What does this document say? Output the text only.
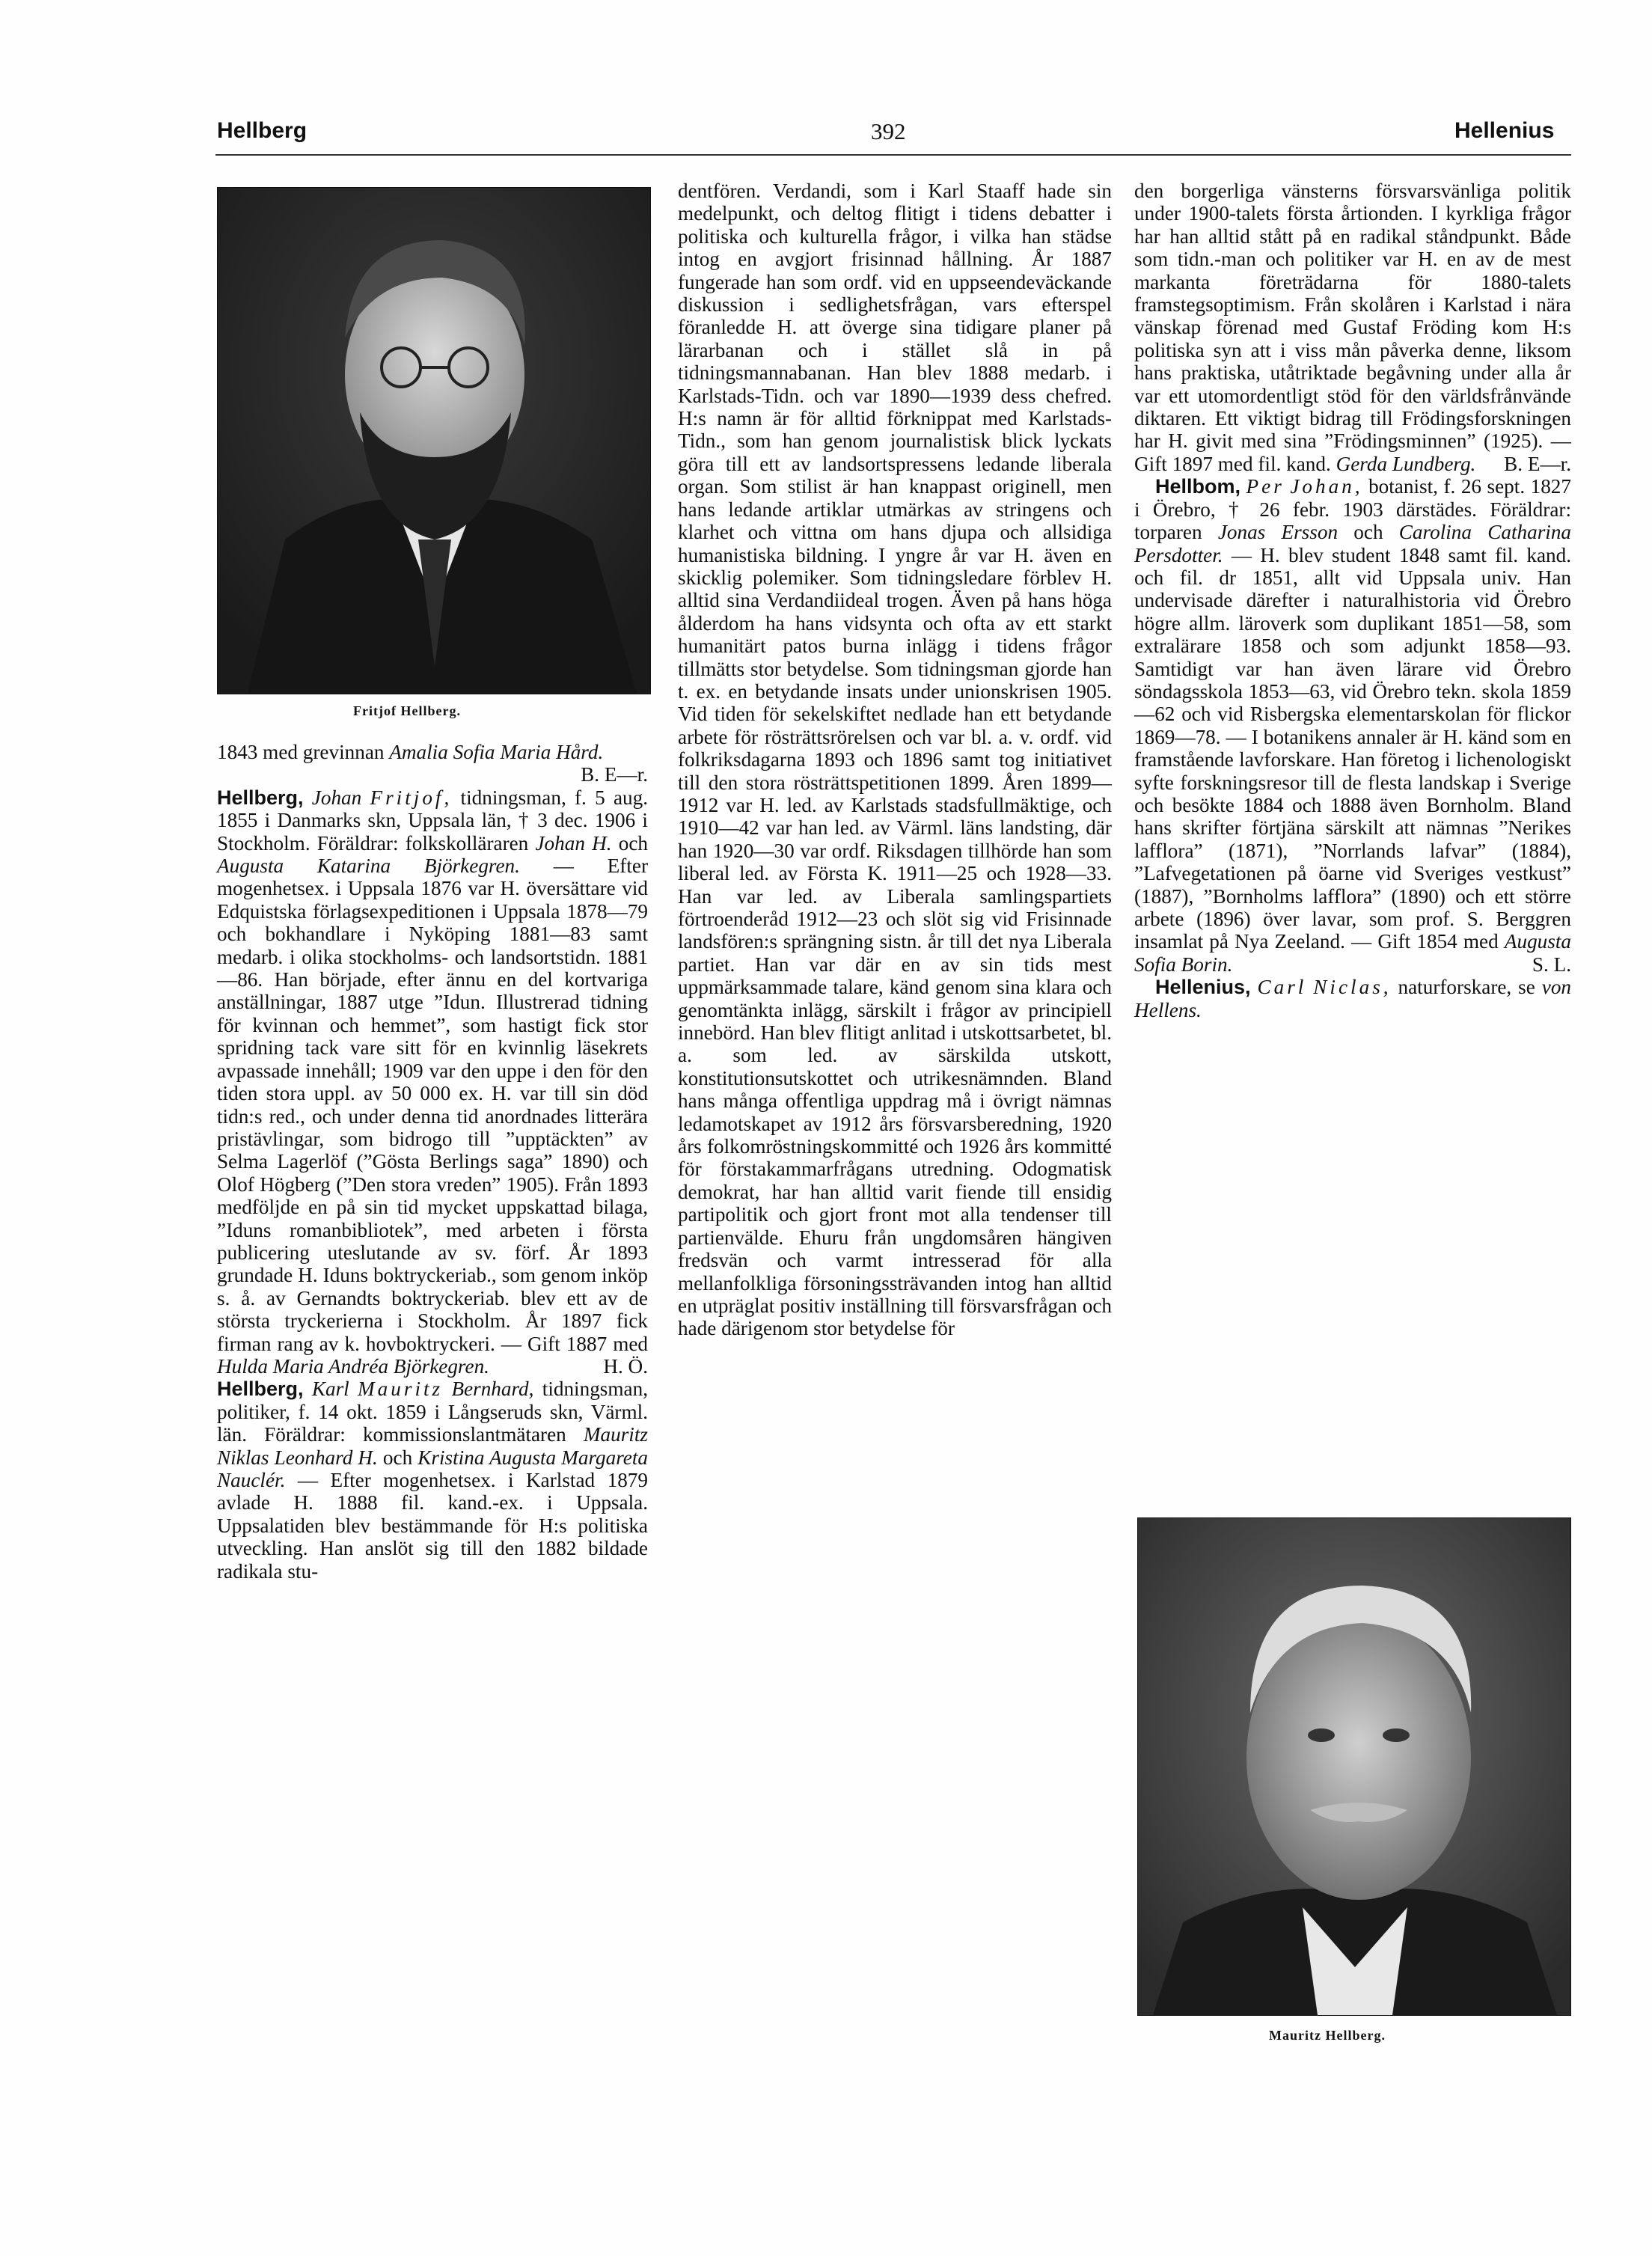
Hellberg	392	Hellenius
Fritjof Hellberg.

1843 med grevinnan Amalia Sofia Maria Hård.
B. E—r.

Hellberg, Johan Fritjof, tidningsman, f. 5 aug. 1855 i Danmarks skn, Uppsala län, † 3 dec. 1906 i Stockholm. Föräldrar: folkskolläraren Johan H. och Augusta Katarina Björkegren. — Efter mogenhetsex. i Uppsala 1876 var H. översättare vid Edquistska förlagsexpeditionen i Uppsala 1878—79 och bokhandlare i Nyköping 1881—83 samt medarb. i olika stockholms- och landsortstidn. 1881—86. Han började, efter ännu en del kortvariga anställningar, 1887 utge ”Idun. Illustrerad tidning för kvinnan och hemmet”, som hastigt fick stor spridning tack vare sitt för en kvinnlig läsekrets avpassade innehåll; 1909 var den uppe i den för den tiden stora uppl. av 50 000 ex. H. var till sin död tidn:s red., och under denna tid anordnades litterära pristävlingar, som bidrogo till ”upptäckten” av Selma Lagerlöf (”Gösta Berlings saga” 1890) och Olof Högberg (”Den stora vreden” 1905). Från 1893 medföljde en på sin tid mycket uppskattad bilaga, ”Iduns romanbibliotek”, med arbeten i första publicering uteslutande av sv. förf. År 1893 grundade H. Iduns boktryckeriab., som genom inköp s. å. av Gernandts boktryckeriab. blev ett av de största tryckerierna i Stockholm. År 1897 fick firman rang av k. hovboktryckeri. — Gift 1887 med Hulda Maria Andréa Björkegren.	H. Ö.

Hellberg, Karl Mauritz Bernhard, tidningsman, politiker, f. 14 okt. 1859 i Långseruds skn, Värml. län. Föräldrar: kommissionslantmätaren Mauritz Niklas Leonhard H. och Kristina Augusta Margareta Nauclér. — Efter mogenhetsex. i Karlstad 1879 avlade H. 1888 fil. kand.-ex. i Uppsala. Uppsalatiden blev bestämmande för H:s politiska utveckling. Han anslöt sig till den 1882 bildade radikala stu-

dentfören. Verdandi, som i Karl Staaff hade sin medelpunkt, och deltog flitigt i tidens debatter i politiska och kulturella frågor, i vilka han städse intog en avgjort frisinnad hållning. År 1887 fungerade han som ordf. vid en uppseendeväckande diskussion i sedlighetsfrågan, vars efterspel föranledde H. att överge sina tidigare planer på lärarbanan och i stället slå in på tidningsmannabanan. Han blev 1888 medarb. i Karlstads-Tidn. och var 1890—1939 dess chefred. H:s namn är för alltid förknippat med Karlstads-Tidn., som han genom journalistisk blick lyckats göra till ett av landsortspressens ledande liberala organ. Som stilist är han knappast originell, men hans ledande artiklar utmärkas av stringens och klarhet och vittna om hans djupa och allsidiga humanistiska bildning. I yngre år var H. även en skicklig polemiker. Som tidningsledare förblev H. alltid sina Verdandiideal trogen. Även på hans höga ålderdom ha hans vidsynta och ofta av ett starkt humanitärt patos burna inlägg i tidens frågor tillmätts stor betydelse. Som tidningsman gjorde han t. ex. en betydande insats under unionskrisen 1905. Vid tiden för sekelskiftet nedlade han ett betydande arbete för rösträttsrörelsen och var bl. a. v. ordf. vid folkriksdagarna 1893 och 1896 samt tog initiativet till den stora rösträttspetitionen 1899. Åren 1899—1912 var H. led. av Karlstads stadsfullmäktige, och 1910—42 var han led. av Värml. läns landsting, där han 1920—30 var ordf. Riksdagen tillhörde han som liberal led. av Första K. 1911—25 och 1928—33. Han var led. av Liberala samlingspartiets förtroenderåd 1912—23 och slöt sig vid Frisinnade landsfören:s sprängning sistn. år till det nya Liberala partiet. Han var där en av sin tids mest uppmärksammade talare, känd genom sina klara och genomtänkta inlägg, särskilt i frågor av principiell innebörd. Han blev flitigt anlitad i utskottsarbetet, bl. a. som led. av särskilda utskott, konstitutionsutskottet och utrikesnämnden. Bland hans många offentliga uppdrag må i övrigt nämnas ledamotskapet av 1912 års försvarsberedning, 1920 års folkomröstningskommitté och 1926 års kommitté för förstakammarfrågans utredning. Odogmatisk demokrat, har han alltid varit fiende till ensidig partipolitik och gjort front mot alla tendenser till partienvälde. Ehuru från ungdomsåren hängiven fredsvän och varmt intresserad för alla mellanfolkliga försoningssträvanden intog han alltid en utpräglat positiv inställning till försvarsfrågan och hade därigenom stor betydelse för

den borgerliga vänsterns försvarsvänliga politik under 1900-talets första årtionden. I kyrkliga frågor har han alltid stått på en radikal ståndpunkt. Både som tidn.-man och politiker var H. en av de mest markanta företrädarna för 1880-talets framstegsoptimism. Från skolåren i Karlstad i nära vänskap förenad med Gustaf Fröding kom H:s politiska syn att i viss mån påverka denne, liksom hans praktiska, utåtriktade begåvning under alla år var ett utomordentligt stöd för den världsfrånvände diktaren. Ett viktigt bidrag till Frödingsforskningen har H. givit med sina ”Frödingsminnen” (1925). — Gift 1897 med fil. kand. Gerda Lundberg. B. E—r.

Hellbom, Per Johan, botanist, f. 26 sept. 1827 i Örebro, † 26 febr. 1903 därstädes. Föräldrar: torparen Jonas Ersson och Carolina Catharina Persdotter. — H. blev student 1848 samt fil. kand. och fil. dr 1851, allt vid Uppsala univ. Han undervisade därefter i naturalhistoria vid Örebro högre allm. läroverk som duplikant 1851—58, som extralärare 1858 och som adjunkt 1858—93. Samtidigt var han även lärare vid Örebro söndagsskola 1853—63, vid Örebro tekn. skola 1859—62 och vid Risbergska elementarskolan för flickor 1869—78. — I botanikens annaler är H. känd som en framstående lavforskare. Han företog i lichenologiskt syfte forskningsresor till de flesta landskap i Sverige och besökte 1884 och 1888 även Bornholm. Bland hans skrifter förtjäna särskilt att nämnas ”Nerikes lafflora” (1871), ”Norrlands lafvar” (1884), ”Lafvegetationen på öarne vid Sveriges vestkust” (1887), ”Bornholms lafflora” (1890) och ett större arbete (1896) över lavar, som prof. S. Berggren insamlat på Nya Zeeland. — Gift 1854 med Augusta Sofia Borin.	S. L.

Hellenius, Carl Niclas, naturforskare, se von Hellens.

Mauritz Hellberg.
